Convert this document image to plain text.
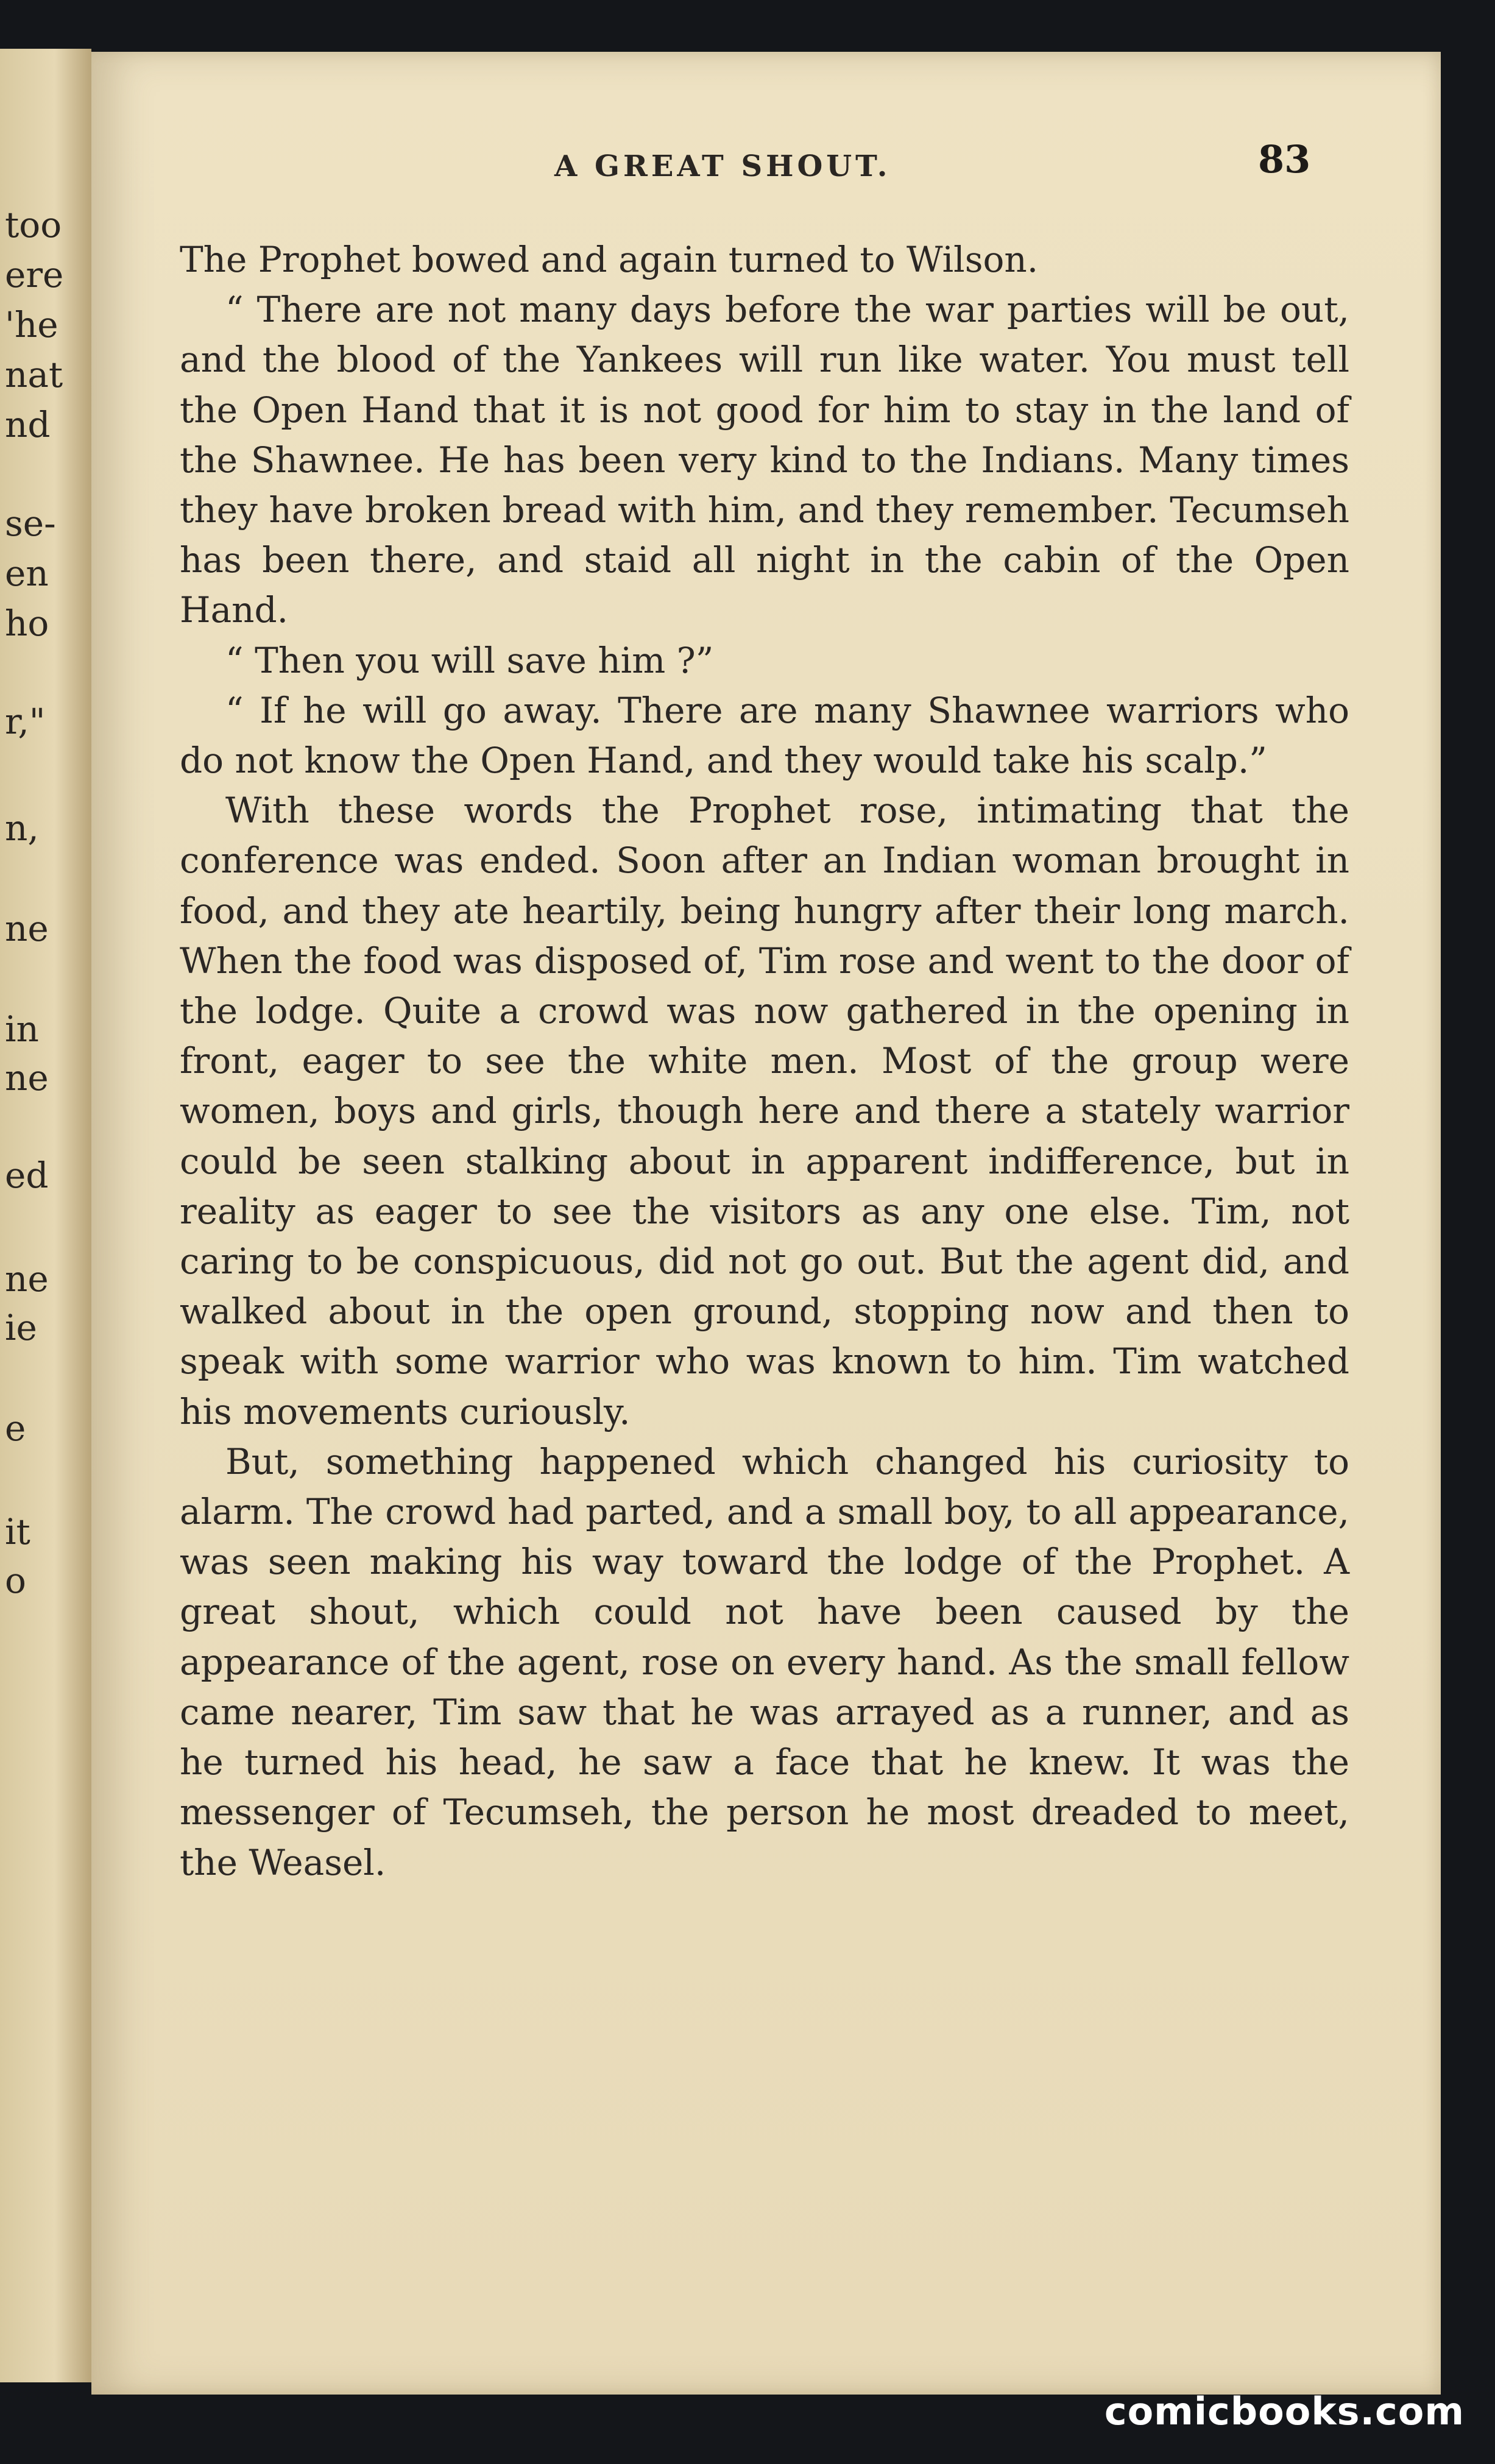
too
ere
'he
nat
nd
se-
en
ho
r,"
n,
ne
in
ne
ed
ne
ie
e
it
o
A GREAT SHOUT.	83

The Prophet bowed and again turned to Wilson.

“ There are not many days before the war parties will be out, and the blood of the Yankees will run like water. You must tell the Open Hand that it is not good for him to stay in the land of the Shawnee. He has been very kind to the Indians. Many times they have broken bread with him, and they remember. Tecumseh has been there, and staid all night in the cabin of the Open Hand.

“ Then you will save him ?”

“ If he will go away. There are many Shawnee warriors who do not know the Open Hand, and they would take his scalp.”

With these words the Prophet rose, intimating that the conference was ended. Soon after an Indian woman brought in food, and they ate heartily, being hungry after their long march. When the food was disposed of, Tim rose and went to the door of the lodge. Quite a crowd was now gathered in the opening in front, eager to see the white men. Most of the group were women, boys and girls, though here and there a stately warrior could be seen stalking about in apparent indifference, but in reality as eager to see the visitors as any one else. Tim, not caring to be conspicuous, did not go out. But the agent did, and walked about in the open ground, stopping now and then to speak with some warrior who was known to him. Tim watched his movements curiously.

But, something happened which changed his curiosity to alarm. The crowd had parted, and a small boy, to all appearance, was seen making his way toward the lodge of the Prophet. A great shout, which could not have been caused by the appearance of the agent, rose on every hand. As the small fellow came nearer, Tim saw that he was arrayed as a runner, and as he turned his head, he saw a face that he knew. It was the messenger of Tecumseh, the person he most dreaded to meet, the Weasel.

comicbooks.com
